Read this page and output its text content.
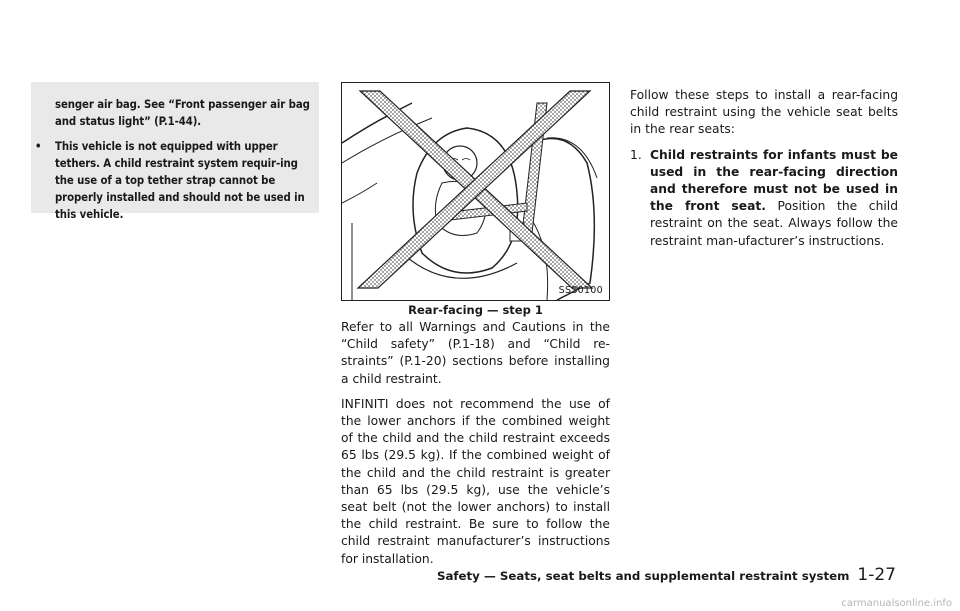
senger air bag. See “Front passenger air bag and status light” (P.1-44).

• This vehicle is not equipped with upper tethers. A child restraint system requir-ing the use of a top tether strap cannot be properly installed and should not be used in this vehicle.

SSS0100
Rear-facing — step 1

Refer to all Warnings and Cautions in the “Child safety” (P.1-18) and “Child re-straints” (P.1-20) sections before installing a child restraint.

INFINITI does not recommend the use of the lower anchors if the combined weight of the child and the child restraint exceeds 65 lbs (29.5 kg). If the combined weight of the child and the child restraint is greater than 65 lbs (29.5 kg), use the vehicle’s seat belt (not the lower anchors) to install the child restraint. Be sure to follow the child restraint manufacturer’s instructions for installation.

Follow these steps to install a rear-facing child restraint using the vehicle seat belts in the rear seats:

1. Child restraints for infants must be used in the rear-facing direction and therefore must not be used in the front seat. Position the child restraint on the seat. Always follow the restraint man-ufacturer’s instructions.

Safety — Seats, seat belts and supplemental restraint system 1-27
carmanualsonline.info
